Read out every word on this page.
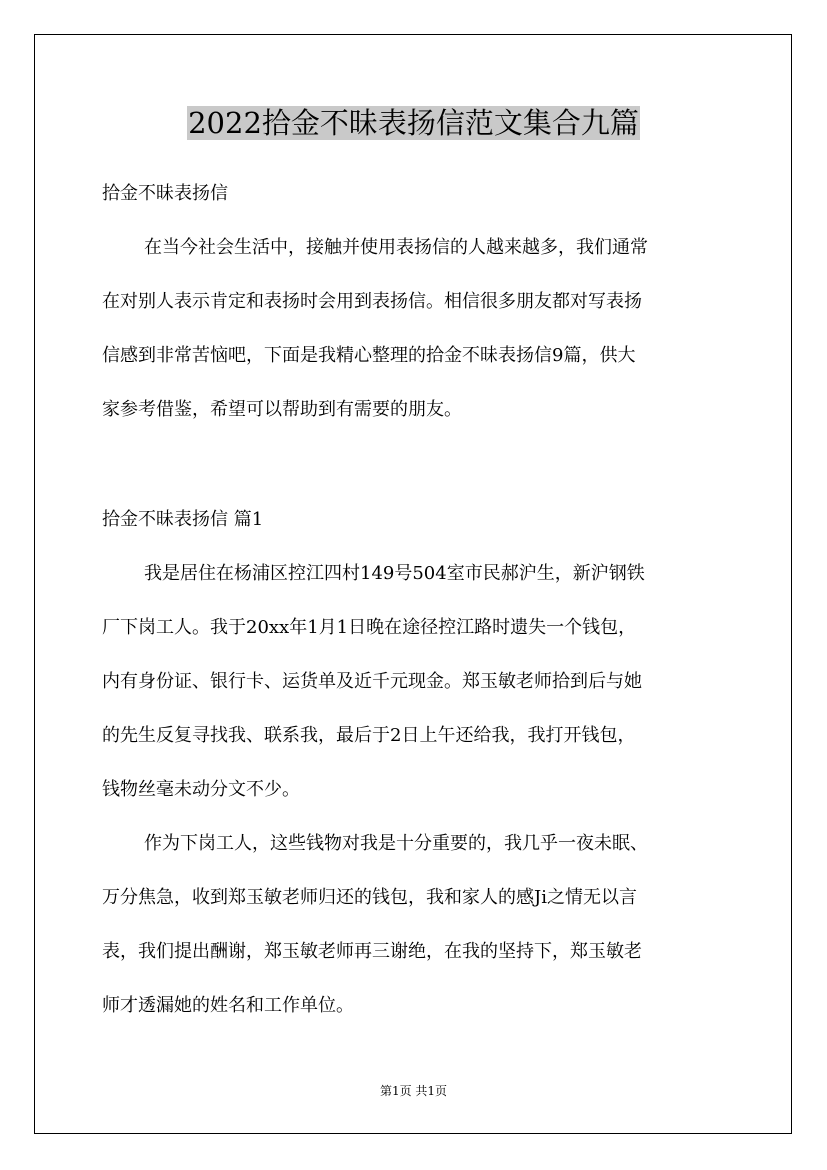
2022拾金不昧表扬信范文集合九篇
拾金不昧表扬信
在当今社会生活中，接触并使用表扬信的人越来越多，我们通常
在对别人表示肯定和表扬时会用到表扬信。相信很多朋友都对写表扬
信感到非常苦恼吧，下面是我精心整理的拾金不昧表扬信9篇，供大
家参考借鉴，希望可以帮助到有需要的朋友。
拾金不昧表扬信 篇1
我是居住在杨浦区控江四村149号504室市民郝沪生，新沪钢铁
厂下岗工人。我于20xx年1月1日晚在途径控江路时遗失一个钱包，
内有身份证、银行卡、运货单及近千元现金。郑玉敏老师拾到后与她
的先生反复寻找我、联系我，最后于2日上午还给我，我打开钱包，
钱物丝毫未动分文不少。
作为下岗工人，这些钱物对我是十分重要的，我几乎一夜未眠、
万分焦急，收到郑玉敏老师归还的钱包，我和家人的感Ji之情无以言
表，我们提出酬谢，郑玉敏老师再三谢绝，在我的坚持下，郑玉敏老
师才透漏她的姓名和工作单位。
第1页 共1页
